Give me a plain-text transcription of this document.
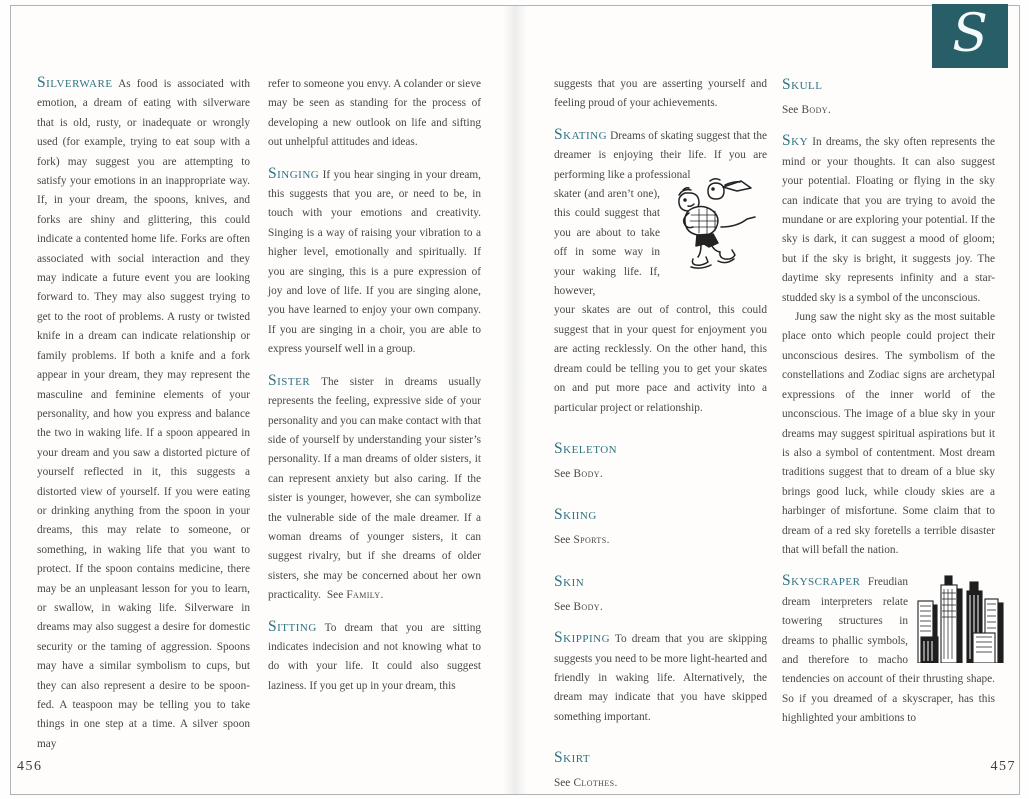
S

Silverware As food is associated with emotion, a dream of eating with silverware that is old, rusty, or inadequate or wrongly used (for example, trying to eat soup with a fork) may suggest you are attempting to satisfy your emotions in an inappropriate way. If, in your dream, the spoons, knives, and forks are shiny and glittering, this could indicate a contented home life. Forks are often associated with social interaction and they may indicate a future event you are looking forward to. They may also suggest trying to get to the root of problems. A rusty or twisted knife in a dream can indicate relationship or family problems. If both a knife and a fork appear in your dream, they may represent the masculine and feminine elements of your personality, and how you express and balance the two in waking life. If a spoon appeared in your dream and you saw a distorted picture of yourself reflected in it, this suggests a distorted view of yourself. If you were eating or drinking anything from the spoon in your dreams, this may relate to someone, or something, in waking life that you want to protect. If the spoon contains medicine, there may be an unpleasant lesson for you to learn, or swallow, in waking life. Silverware in dreams may also suggest a desire for domestic security or the taming of aggression. Spoons may have a similar symbolism to cups, but they can also represent a desire to be spoon-fed. A teaspoon may be telling you to take things in one step at a time. A silver spoon may

refer to someone you envy. A colander or sieve may be seen as standing for the process of developing a new outlook on life and sifting out unhelpful attitudes and ideas.

Singing If you hear singing in your dream, this suggests that you are, or need to be, in touch with your emotions and creativity. Singing is a way of raising your vibration to a higher level, emotionally and spiritually. If you are singing, this is a pure expression of joy and love of life. If you are singing alone, you have learned to enjoy your own company. If you are singing in a choir, you are able to express yourself well in a group.

Sister The sister in dreams usually represents the feeling, expressive side of your personality and you can make contact with that side of yourself by understanding your sister’s personality. If a man dreams of older sisters, it can represent anxiety but also caring. If the sister is younger, however, she can symbolize the vulnerable side of the male dreamer. If a woman dreams of younger sisters, it can suggest rivalry, but if she dreams of older sisters, she may be concerned about her own practicality. See Family.

Sitting To dream that you are sitting indicates indecision and not knowing what to do with your life. It could also suggest laziness. If you get up in your dream, this

suggests that you are asserting yourself and feeling proud of your achievements.

Skating Dreams of skating suggest that the dreamer is enjoying their life. If you are performing like a professional

skater (and aren’t one), this could suggest that you are about to take off in some way in your waking life. If, however,

your skates are out of control, this could suggest that in your quest for enjoyment you are acting recklessly. On the other hand, this dream could be telling you to get your skates on and put more pace and activity into a particular project or relationship.

Skeleton
See Body.
Skiing
See Sports.
Skin
See Body.

Skipping To dream that you are skipping suggests you need to be more light-hearted and friendly in waking life. Alternatively, the dream may indicate that you have skipped something important.

Skirt
See Clothes.
Skull
See Body.

Sky In dreams, the sky often represents the mind or your thoughts. It can also suggest your potential. Floating or flying in the sky can indicate that you are trying to avoid the mundane or are exploring your potential. If the sky is dark, it can suggest a mood of gloom; but if the sky is bright, it suggests joy. The daytime sky represents infinity and a star-studded sky is a symbol of the unconscious.

Jung saw the night sky as the most suitable place onto which people could project their unconscious desires. The symbolism of the constellations and Zodiac signs are archetypal expressions of the inner world of the unconscious. The image of a blue sky in your dreams may suggest spiritual aspirations but it is also a symbol of contentment. Most dream traditions suggest that to dream of a blue sky brings good luck, while cloudy skies are a harbinger of misfortune. Some claim that to dream of a red sky foretells a terrible disaster that will befall the nation.

Skyscraper Freudian dream interpreters relate towering structures in dreams to phallic symbols, and therefore to macho tendencies on account of their thrusting shape. So if you dreamed of a skyscraper, has this highlighted your ambitions to

456	457
